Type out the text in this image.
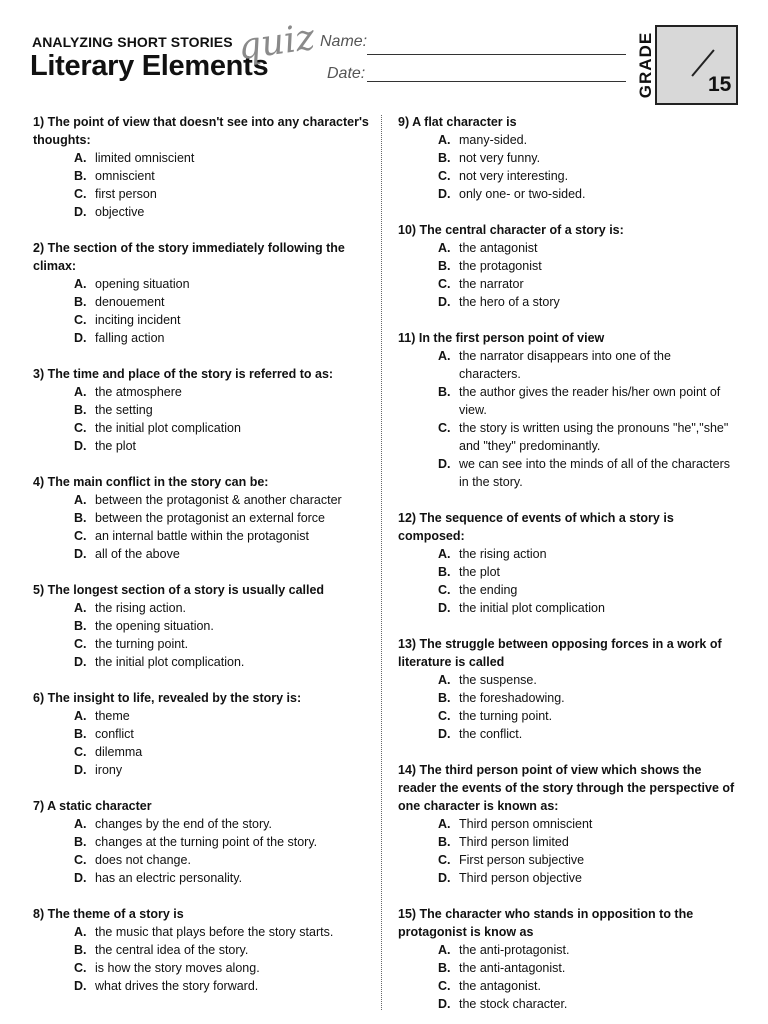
ANALYZING SHORT STORIES
Literary Elements
quiz Name:
Date:	GRADE	15
1) The point of view that doesn't see into any character's thoughts:
A. limited omniscient
B. omniscient
C. first person
D. objective
2) The section of the story immediately following the climax:
A. opening situation
B. denouement
C. inciting incident
D. falling action
3) The time and place of the story is referred to as:
A. the atmosphere
B. the setting
C. the initial plot complication
D. the plot
4) The main conflict in the story can be:
A. between the protagonist & another character
B. between the protagonist an external force
C. an internal battle within the protagonist
D. all of the above
5) The longest section of a story is usually called
A. the rising action.
B. the opening situation.
C. the turning point.
D. the initial plot complication.
6) The insight to life, revealed by the story is:
A. theme
B. conflict
C. dilemma
D. irony
7) A static character
A. changes by the end of the story.
B. changes at the turning point of the story.
C. does not change.
D. has an electric personality.
8) The theme of a story is
A. the music that plays before the story starts.
B. the central idea of the story.
C. is how the story moves along.
D. what drives the story forward.
9) A flat character is
A. many-sided.
B. not very funny.
C. not very interesting.
D. only one- or two-sided.
10) The central character of a story is:
A. the antagonist
B. the protagonist
C. the narrator
D. the hero of a story
11) In the first person point of view
A. the narrator disappears into one of the characters.
B. the author gives the reader his/her own point of view.
C. the story is written using the pronouns "he","she" and "they" predominantly.
D. we can see into the minds of all of the characters in the story.
12) The sequence of events of which a story is composed:
A. the rising action
B. the plot
C. the ending
D. the initial plot complication
13) The struggle between opposing forces in a work of literature is called
A. the suspense.
B. the foreshadowing.
C. the turning point.
D. the conflict.
14) The third person point of view which shows the reader the events of the story through the perspective of one character is known as:
A. Third person omniscient
B. Third person limited
C. First person subjective
D. Third person objective
15) The character who stands in opposition to the protagonist is know as
A. the anti-protagonist.
B. the anti-antagonist.
C. the antagonist.
D. the stock character.
